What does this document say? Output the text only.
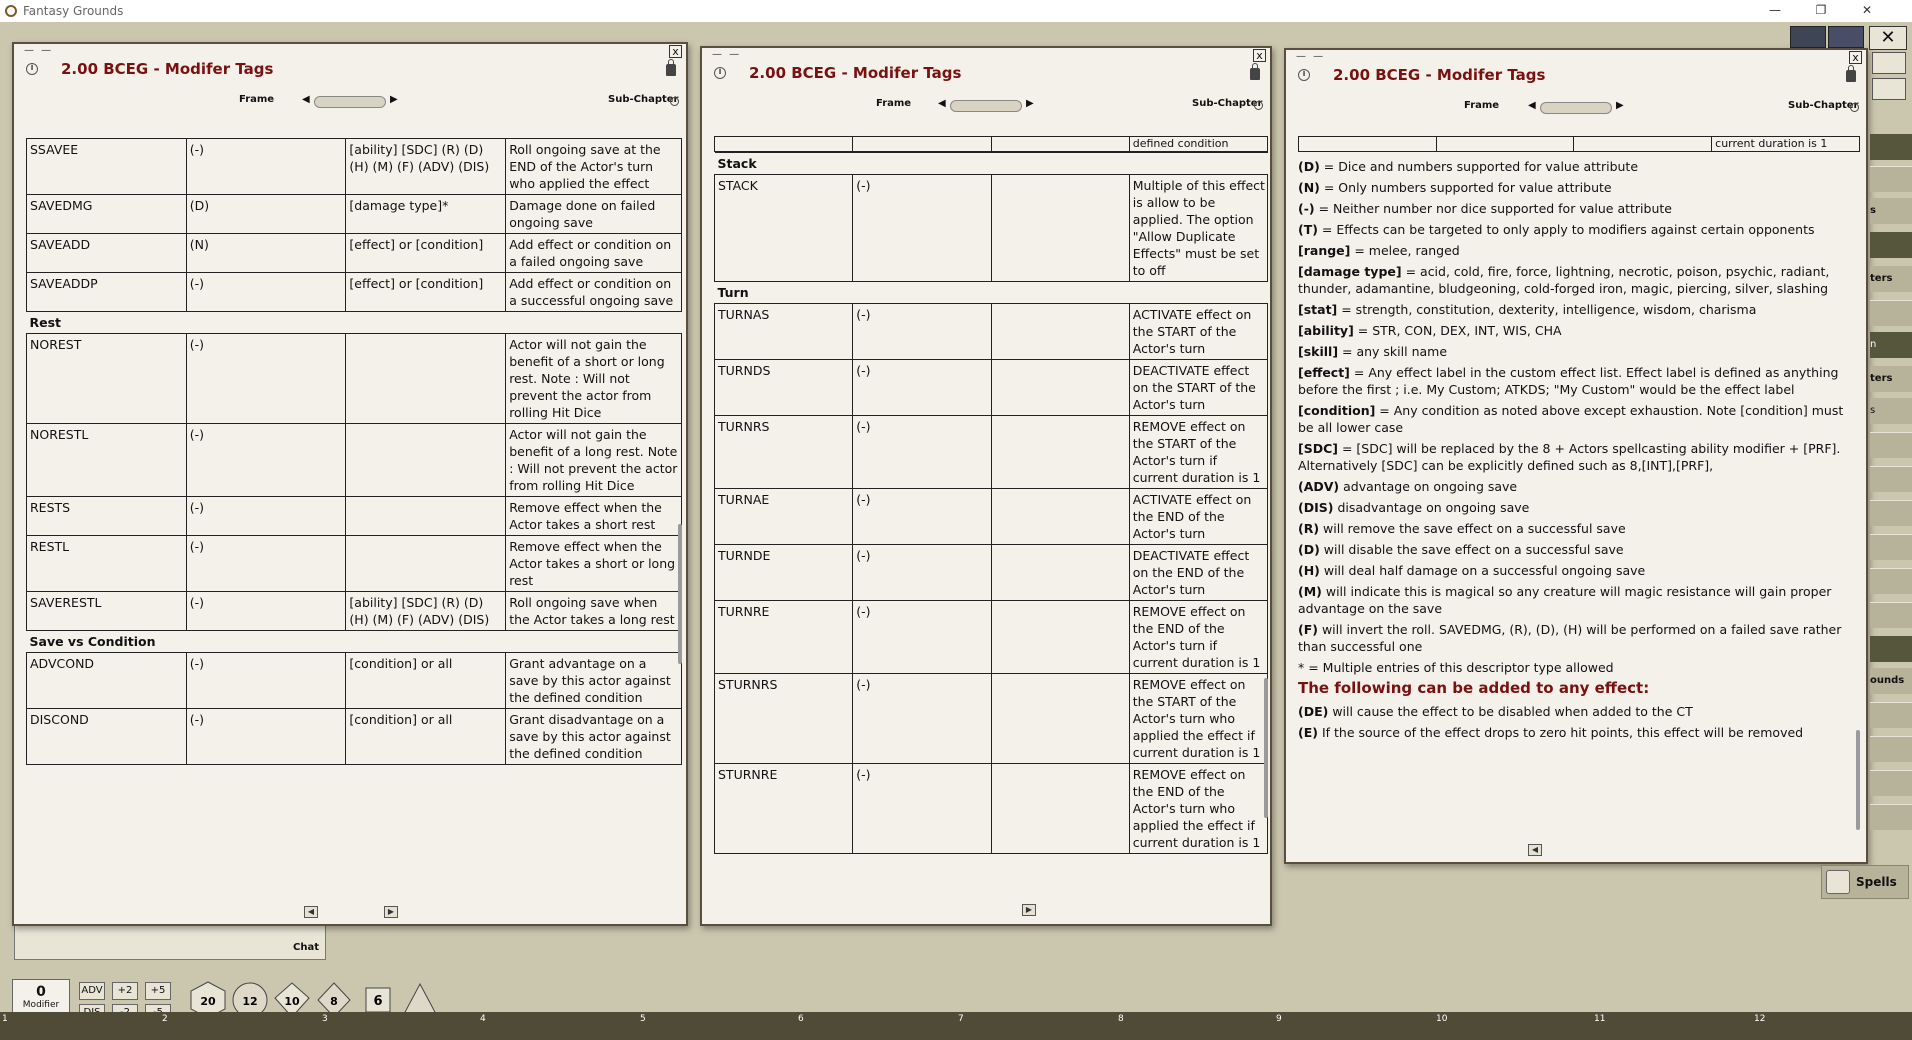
Fantasy Grounds	—	❐	✕
Chat
— —	x
i 2.00 BCEG - Modifer Tags
Frame	◀	▶	Sub-Chapter
SSAVEE	(-)	[ability] [SDC] (R) (D) (H) (M) (F) (ADV) (DIS)	Roll ongoing save at the END of the Actor's turn who applied the effect
SAVEDMG	(D)	[damage type]*	Damage done on failed ongoing save
SAVEADD	(N)	[effect] or [condition]	Add effect or condition on a failed ongoing save
SAVEADDP	(-)	[effect] or [condition]	Add effect or condition on a successful ongoing save
Rest			
NOREST	(-)		Actor will not gain the benefit of a short or long rest. Note : Will not prevent the actor from rolling Hit Dice
NORESTL	(-)		Actor will not gain the benefit of a long rest. Note : Will not prevent the actor from rolling Hit Dice
RESTS	(-)		Remove effect when the Actor takes a short rest
RESTL	(-)		Remove effect when the Actor takes a short or long rest
SAVERESTL	(-)	[ability] [SDC] (R) (D) (H) (M) (F) (ADV) (DIS)	Roll ongoing save when the Actor takes a long rest
Save vs Condition			
ADVCOND	(-)	[condition] or all	Grant advantage on a save by this actor against the defined condition
DISCOND	(-)	[condition] or all	Grant disadvantage on a save by this actor against the defined condition
◀	▶
— —	x
i 2.00 BCEG - Modifer Tags
Frame	◀	▶	Sub-Chapter
			defined condition
Stack			
STACK	(-)		Multiple of this effect is allow to be applied. The option "Allow Duplicate Effects" must be set to off
Turn			
TURNAS	(-)		ACTIVATE effect on the START of the Actor's turn
TURNDS	(-)		DEACTIVATE effect on the START of the Actor's turn
TURNRS	(-)		REMOVE effect on the START of the Actor's turn if current duration is 1
TURNAE	(-)		ACTIVATE effect on the END of the Actor's turn
TURNDE	(-)		DEACTIVATE effect on the END of the Actor's turn
TURNRE	(-)		REMOVE effect on the END of the Actor's turn if current duration is 1
STURNRS	(-)		REMOVE effect on the START of the Actor's turn who applied the effect if current duration is 1
STURNRE	(-)		REMOVE effect on the END of the Actor's turn who applied the effect if current duration is 1
▶
— —	x
i 2.00 BCEG - Modifer Tags
Frame	◀	▶	Sub-Chapter
			current duration is 1

(D) = Dice and numbers supported for value attribute

(N) = Only numbers supported for value attribute

(-) = Neither number nor dice supported for value attribute

(T) = Effects can be targeted to only apply to modifiers against certain opponents

[range] = melee, ranged

[damage type] = acid, cold, fire, force, lightning, necrotic, poison, psychic, radiant, thunder, adamantine, bludgeoning, cold-forged iron, magic, piercing, silver, slashing

[stat] = strength, constitution, dexterity, intelligence, wisdom, charisma

[ability] = STR, CON, DEX, INT, WIS, CHA

[skill] = any skill name

[effect] = Any effect label in the custom effect list. Effect label is defined as anything before the first ; i.e. My Custom; ATKDS; "My Custom" would be the effect label

[condition] = Any condition as noted above except exhaustion. Note [condition] must be all lower case

[SDC] = [SDC] will be replaced by the 8 + Actors spellcasting ability modifier + [PRF]. Alternatively [SDC] can be explicitly defined such as 8,[INT],[PRF],

(ADV) advantage on ongoing save

(DIS) disadvantage on ongoing save

(R) will remove the save effect on a successful save

(D) will disable the save effect on a successful save

(H) will deal half damage on a successful ongoing save

(M) will indicate this is magical so any creature will magic resistance will gain proper advantage on the save

(F) will invert the roll. SAVEDMG, (R), (D), (H) will be performed on a failed save rather than successful one

* = Multiple entries of this descriptor type allowed

The following can be added to any effect:

(DE) will cause the effect to be disabled when added to the CT

(E) If the source of the effect drops to zero hit points, this effect will be removed

◀
✕
s
ters
n
ters
s
ounds
Spells
0
Modifier
ADV	+2	+5
20 12 10	8	6
1	2	3	4	5	6	7	8	9	10	11	12
